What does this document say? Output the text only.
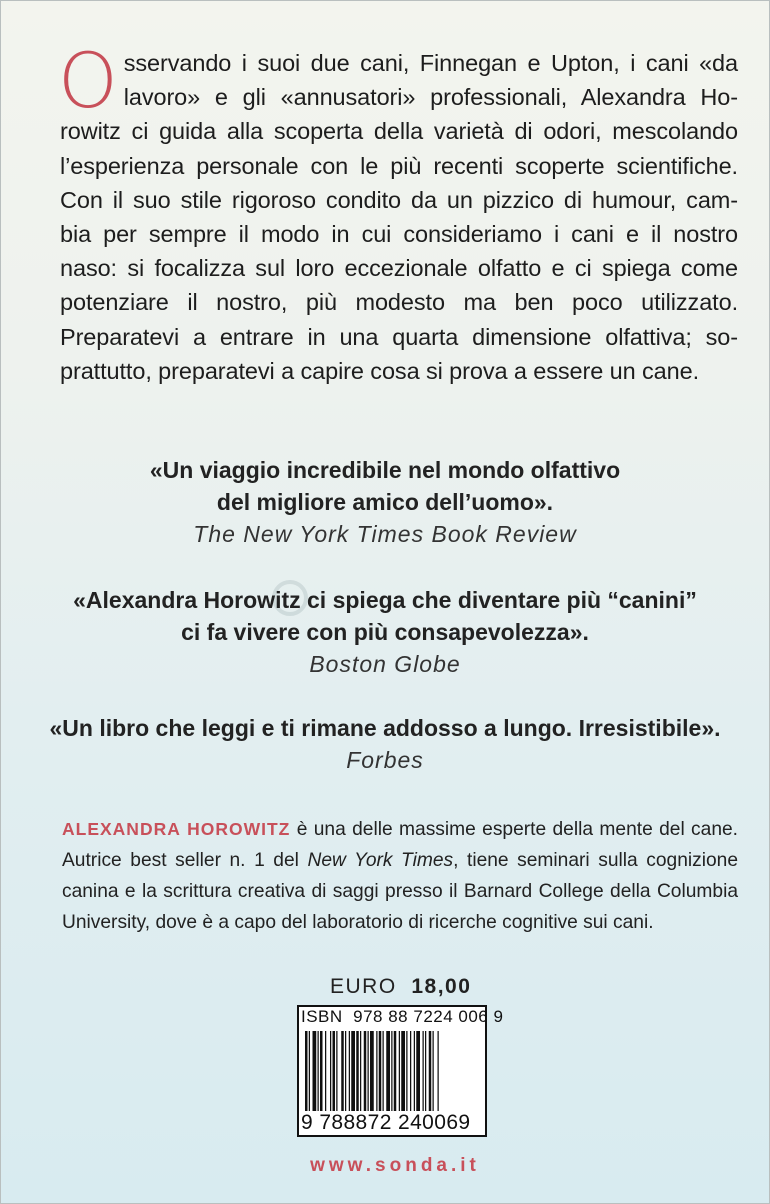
O sservando i suoi due cani, Finnegan e Upton, i cani «da
lavoro» e gli «annusatori» professionali, Alexandra Ho-
rowitz ci guida alla scoperta della varietà di odori, mescolando
l’esperienza personale con le più recenti scoperte scientifiche.
Con il suo stile rigoroso condito da un pizzico di humour, cam-
bia per sempre il modo in cui consideriamo i cani e il nostro
naso: si focalizza sul loro eccezionale olfatto e ci spiega come
potenziare il nostro, più modesto ma ben poco utilizzato.
Preparatevi a entrare in una quarta dimensione olfattiva; so-
prattutto, preparatevi a capire cosa si prova a essere un cane.
«Un viaggio incredibile nel mondo olfattivo
del migliore amico dell’uomo».
The New York Times Book Review
«Alexandra Horowitz ci spiega che diventare più “canini”
ci fa vivere con più consapevolezza».
Boston Globe
«Un libro che leggi e ti rimane addosso a lungo. Irresistibile».
Forbes
ALEXANDRA HOROWITZ è una delle massime esperte della mente del cane.
Autrice best seller n. 1 del New York Times, tiene seminari sulla cognizione
canina e la scrittura creativa di saggi presso il Barnard College della Columbia
University, dove è a capo del laboratorio di ricerche cognitive sui cani.
EURO 18,00
ISBN 978 88 7224 006 9
9 788872 240069
www.sonda.it
